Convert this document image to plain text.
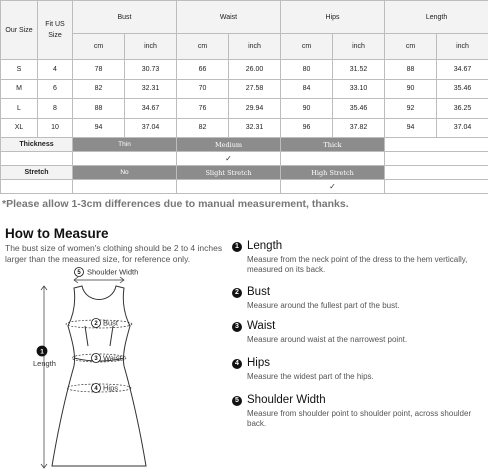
Our Size	Fit US Size	Bust		Waist		Hips		Length	
		cm	inch	cm	inch	cm	inch	cm	inch
S	4	78	30.73	66	26.00	80	31.52	88	34.67
M	6	82	32.31	70	27.58	84	33.10	90	35.46
L	8	88	34.67	76	29.94	90	35.46	92	36.25
XL	10	94	37.04	82	32.31	96	37.82	94	37.04
Thickness		Thin		Medium		Thick			
				✓					
Stretch		No		Slight Stretch		High Stretch			
						✓			
*Please allow 1-3cm differences due to manual measurement, thanks.
How to Measure
The bust size of women's clothing should be 2 to 4 inches larger than the measured size, for reference only.
5
2
3
4
1
Shoulder Width
Bust
Waist
Hips
Length
1 Length
Measure from the neck point of the dress to the hem vertically, measured on its back.
2 Bust
Measure around the fullest part of the bust.
3 Waist
Measure around waist at the narrowest point.
4 Hips
Measure the widest part of the hips.
5 Shoulder Width
Measure from shoulder point to shoulder point, across shoulder back.
